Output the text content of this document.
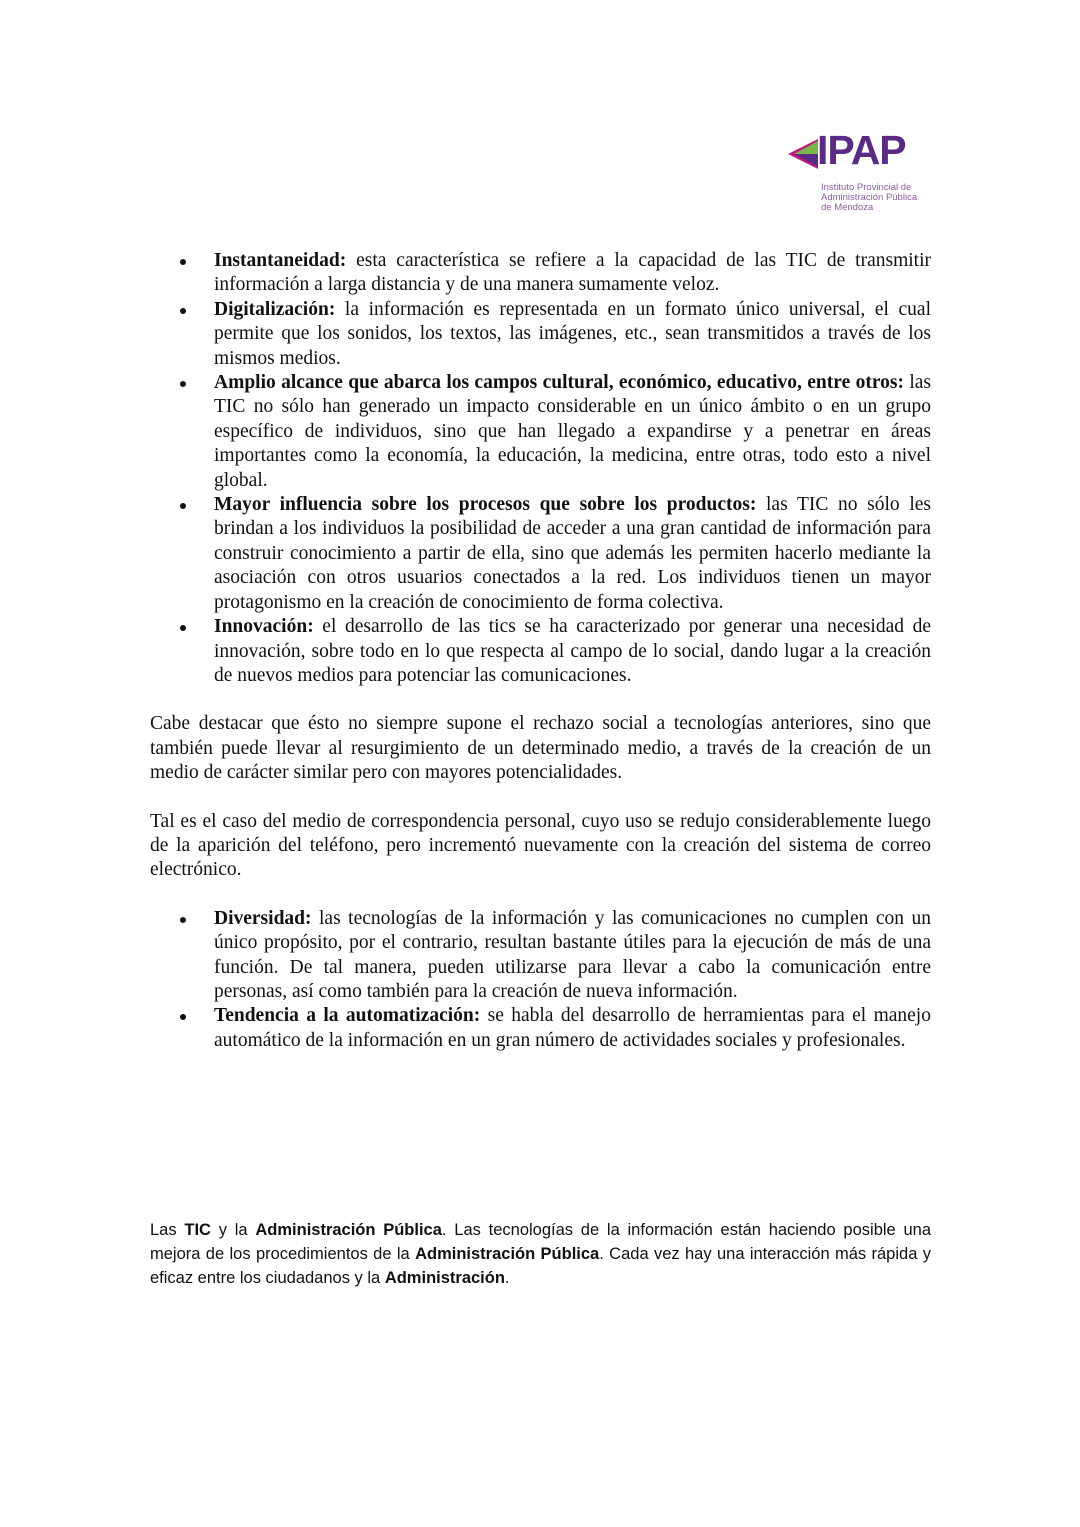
IPAP
Instituto Provincial de
Administración Pública
de Mendoza
Instantaneidad: esta característica se refiere a la capacidad de las TIC de transmitir información a larga distancia y de una manera sumamente veloz.
Digitalización: la información es representada en un formato único universal, el cual permite que los sonidos, los textos, las imágenes, etc., sean transmitidos a través de los mismos medios.
Amplio alcance que abarca los campos cultural, económico, educativo, entre otros: las TIC no sólo han generado un impacto considerable en un único ámbito o en un grupo específico de individuos, sino que han llegado a expandirse y a penetrar en áreas importantes como la economía, la educación, la medicina, entre otras, todo esto a nivel global.
Mayor influencia sobre los procesos que sobre los productos: las TIC no sólo les brindan a los individuos la posibilidad de acceder a una gran cantidad de información para construir conocimiento a partir de ella, sino que además les permiten hacerlo mediante la asociación con otros usuarios conectados a la red. Los individuos tienen un mayor protagonismo en la creación de conocimiento de forma colectiva.
Innovación: el desarrollo de las tics se ha caracterizado por generar una necesidad de innovación, sobre todo en lo que respecta al campo de lo social, dando lugar a la creación de nuevos medios para potenciar las comunicaciones.

Cabe destacar que ésto no siempre supone el rechazo social a tecnologías anteriores, sino que también puede llevar al resurgimiento de un determinado medio, a través de la creación de un medio de carácter similar pero con mayores potencialidades.

Tal es el caso del medio de correspondencia personal, cuyo uso se redujo considerablemente luego de la aparición del teléfono, pero incrementó nuevamente con la creación del sistema de correo electrónico.

Diversidad: las tecnologías de la información y las comunicaciones no cumplen con un único propósito, por el contrario, resultan bastante útiles para la ejecución de más de una función. De tal manera, pueden utilizarse para llevar a cabo la comunicación entre personas, así como también para la creación de nueva información.
Tendencia a la automatización: se habla del desarrollo de herramientas para el manejo automático de la información en un gran número de actividades sociales y profesionales.

Las TIC y la Administración Pública. Las tecnologías de la información están haciendo posible una mejora de los procedimientos de la Administración Pública. Cada vez hay una interacción más rápida y eficaz entre los ciudadanos y la Administración.
